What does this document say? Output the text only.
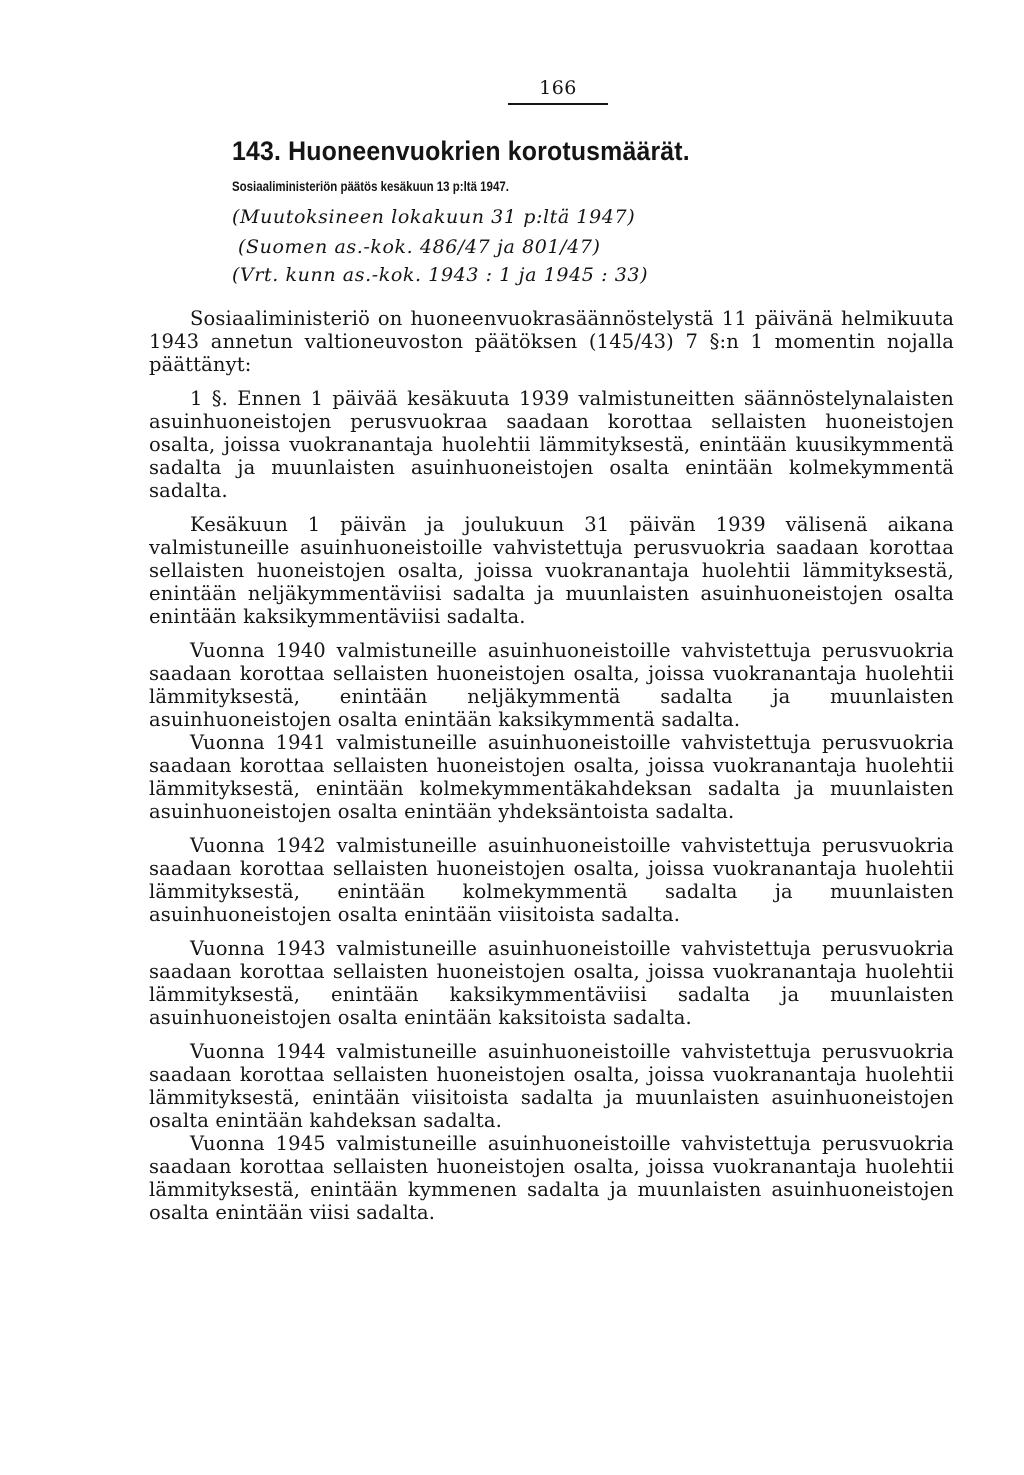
166
143. Huoneenvuokrien korotusmäärät.
Sosiaaliministeriön päätös kesäkuun 13 p:ltä 1947.
(Muutoksineen lokakuun 31 p:ltä 1947)
(Suomen as.-kok. 486/47 ja 801/47)
(Vrt. kunn as.-kok. 1943 : 1 ja 1945 : 33)

Sosiaaliministeriö on huoneenvuokrasäännöstelystä 11 päivänä helmikuuta 1943 annetun valtioneuvoston päätöksen (145/43) 7 §:n 1 momentin nojalla päättänyt:

1 §. Ennen 1 päivää kesäkuuta 1939 valmistuneitten säännöstelynalaisten asuinhuoneistojen perusvuokraa saadaan korottaa sellaisten huoneistojen osalta, joissa vuokranantaja huolehtii lämmityksestä, enintään kuusikymmentä sadalta ja muunlaisten asuinhuoneistojen osalta enintään kolmekymmentä sadalta.

Kesäkuun 1 päivän ja joulukuun 31 päivän 1939 välisenä aikana valmistuneille asuinhuoneistoille vahvistettuja perusvuokria saadaan korottaa sellaisten huoneistojen osalta, joissa vuokranantaja huolehtii lämmityksestä, enintään neljäkymmentäviisi sadalta ja muunlaisten asuinhuoneistojen osalta enintään kaksikymmentäviisi sadalta.

Vuonna 1940 valmistuneille asuinhuoneistoille vahvistettuja perusvuokria saadaan korottaa sellaisten huoneistojen osalta, joissa vuokranantaja huolehtii lämmityksestä, enintään neljäkymmentä sadalta ja muunlaisten asuinhuoneistojen osalta enintään kaksikymmentä sadalta.

Vuonna 1941 valmistuneille asuinhuoneistoille vahvistettuja perusvuokria saadaan korottaa sellaisten huoneistojen osalta, joissa vuokranantaja huolehtii lämmityksestä, enintään kolmekymmentäkahdeksan sadalta ja muunlaisten asuinhuoneistojen osalta enintään yhdeksäntoista sadalta.

Vuonna 1942 valmistuneille asuinhuoneistoille vahvistettuja perusvuokria saadaan korottaa sellaisten huoneistojen osalta, joissa vuokranantaja huolehtii lämmityksestä, enintään kolmekymmentä sadalta ja muunlaisten asuinhuoneistojen osalta enintään viisitoista sadalta.

Vuonna 1943 valmistuneille asuinhuoneistoille vahvistettuja perusvuokria saadaan korottaa sellaisten huoneistojen osalta, joissa vuokranantaja huolehtii lämmityksestä, enintään kaksikymmentäviisi sadalta ja muunlaisten asuinhuoneistojen osalta enintään kaksitoista sadalta.

Vuonna 1944 valmistuneille asuinhuoneistoille vahvistettuja perusvuokria saadaan korottaa sellaisten huoneistojen osalta, joissa vuokranantaja huolehtii lämmityksestä, enintään viisitoista sadalta ja muunlaisten asuinhuoneistojen osalta enintään kahdeksan sadalta.

Vuonna 1945 valmistuneille asuinhuoneistoille vahvistettuja perusvuokria saadaan korottaa sellaisten huoneistojen osalta, joissa vuokranantaja huolehtii lämmityksestä, enintään kymmenen sadalta ja muunlaisten asuinhuoneistojen osalta enintään viisi sadalta.
